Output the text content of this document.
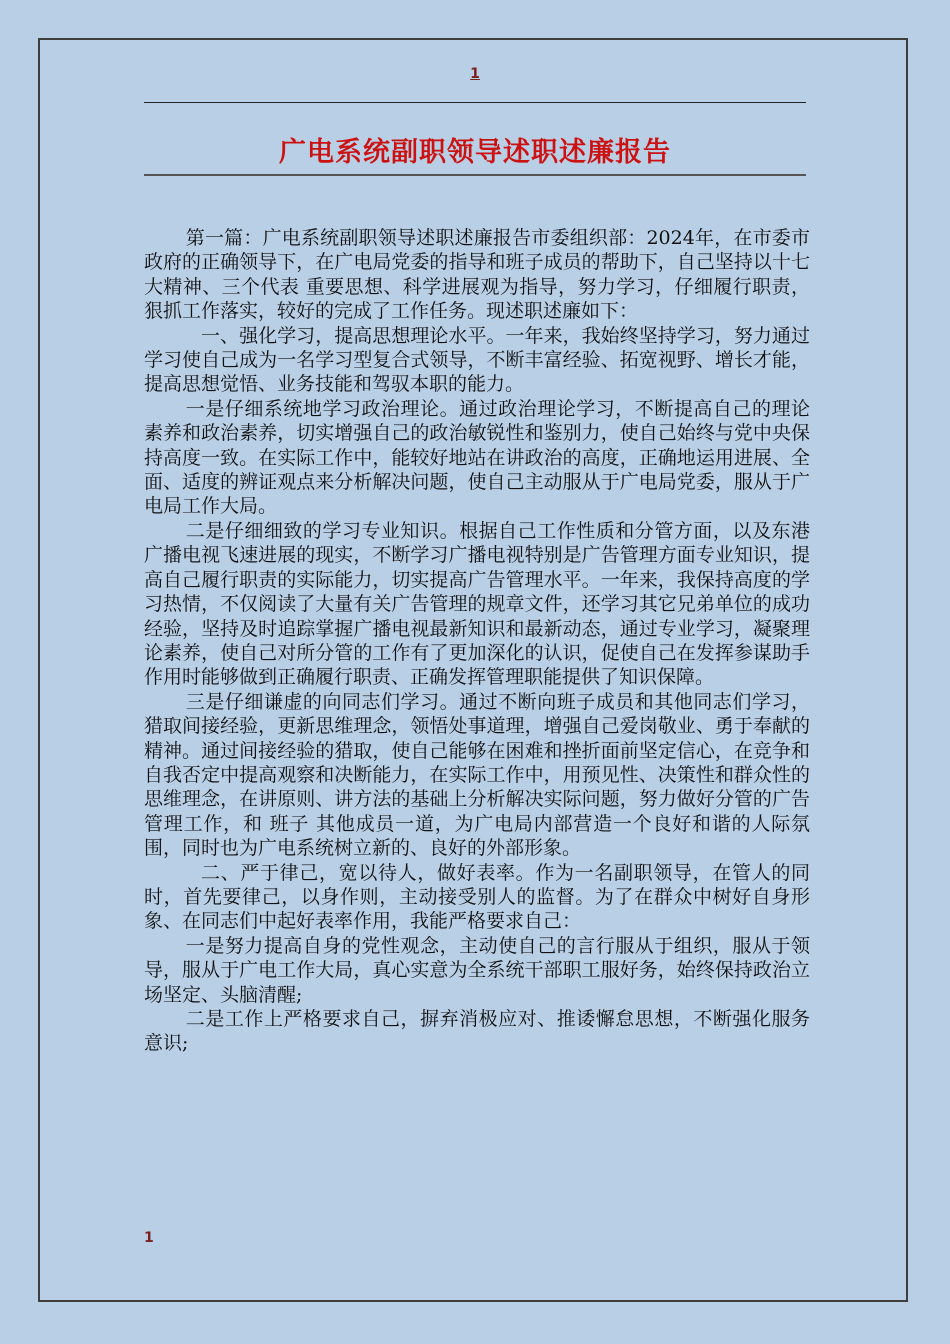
1
广电系统副职领导述职述廉报告

第一篇：广电系统副职领导述职述廉报告市委组织部：2024年，在市委市政府的正确领导下，在广电局党委的指导和班子成员的帮助下，自己坚持以十七大精神、三个代表 重要思想、科学进展观为指导，努力学习，仔细履行职责，狠抓工作落实，较好的完成了工作任务。现述职述廉如下：

一、强化学习，提高思想理论水平。一年来，我始终坚持学习，努力通过学习使自己成为一名学习型复合式领导，不断丰富经验、拓宽视野、增长才能，提高思想觉悟、业务技能和驾驭本职的能力。

一是仔细系统地学习政治理论。通过政治理论学习，不断提高自己的理论素养和政治素养，切实增强自己的政治敏锐性和鉴别力，使自己始终与党中央保持高度一致。在实际工作中，能较好地站在讲政治的高度，正确地运用进展、全面、适度的辨证观点来分析解决问题，使自己主动服从于广电局党委，服从于广电局工作大局。

二是仔细细致的学习专业知识。根据自己工作性质和分管方面，以及东港广播电视飞速进展的现实，不断学习广播电视特别是广告管理方面专业知识，提高自己履行职责的实际能力，切实提高广告管理水平。一年来，我保持高度的学习热情，不仅阅读了大量有关广告管理的规章文件，还学习其它兄弟单位的成功经验，坚持及时追踪掌握广播电视最新知识和最新动态，通过专业学习，凝聚理论素养，使自己对所分管的工作有了更加深化的认识，促使自己在发挥参谋助手作用时能够做到正确履行职责、正确发挥管理职能提供了知识保障。

三是仔细谦虚的向同志们学习。通过不断向班子成员和其他同志们学习，猎取间接经验，更新思维理念，领悟处事道理，增强自己爱岗敬业、勇于奉献的精神。通过间接经验的猎取，使自己能够在困难和挫折面前坚定信心，在竞争和自我否定中提高观察和决断能力，在实际工作中，用预见性、决策性和群众性的思维理念，在讲原则、讲方法的基础上分析解决实际问题，努力做好分管的广告管理工作，和 班子 其他成员一道，为广电局内部营造一个良好和谐的人际氛围，同时也为广电系统树立新的、良好的外部形象。

二、严于律己，宽以待人，做好表率。作为一名副职领导，在管人的同时，首先要律己，以身作则，主动接受别人的监督。为了在群众中树好自身形象、在同志们中起好表率作用，我能严格要求自己：

一是努力提高自身的党性观念，主动使自己的言行服从于组织，服从于领导，服从于广电工作大局，真心实意为全系统干部职工服好务，始终保持政治立场坚定、头脑清醒;

二是工作上严格要求自己，摒弃消极应对、推诿懈怠思想，不断强化服务意识;

1
